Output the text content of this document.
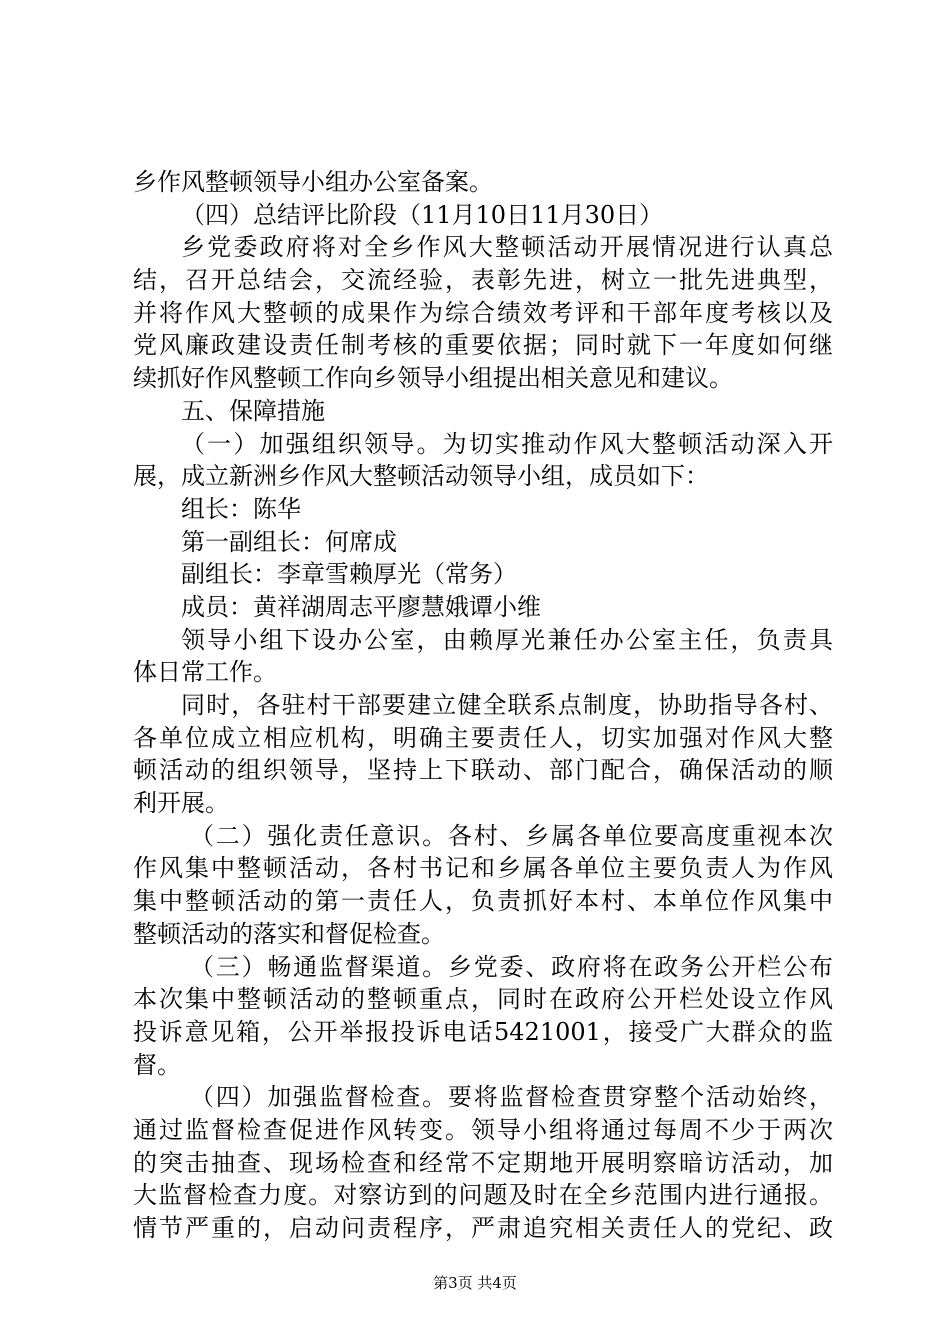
乡作风整顿领导小组办公室备案。
（四）总结评比阶段（11月10日11月30日）
乡党委政府将对全乡作风大整顿活动开展情况进行认真总
结，召开总结会，交流经验，表彰先进，树立一批先进典型，
并将作风大整顿的成果作为综合绩效考评和干部年度考核以及
党风廉政建设责任制考核的重要依据；同时就下一年度如何继
续抓好作风整顿工作向乡领导小组提出相关意见和建议。
五、保障措施
（一）加强组织领导。为切实推动作风大整顿活动深入开
展，成立新洲乡作风大整顿活动领导小组，成员如下：
组长：陈华
第一副组长：何席成
副组长：李章雪赖厚光（常务）
成员：黄祥湖周志平廖慧娥谭小维
领导小组下设办公室，由赖厚光兼任办公室主任，负责具
体日常工作。
同时，各驻村干部要建立健全联系点制度，协助指导各村、
各单位成立相应机构，明确主要责任人，切实加强对作风大整
顿活动的组织领导，坚持上下联动、部门配合，确保活动的顺
利开展。
（二）强化责任意识。各村、乡属各单位要高度重视本次
作风集中整顿活动，各村书记和乡属各单位主要负责人为作风
集中整顿活动的第一责任人，负责抓好本村、本单位作风集中
整顿活动的落实和督促检查。
（三）畅通监督渠道。乡党委、政府将在政务公开栏公布
本次集中整顿活动的整顿重点，同时在政府公开栏处设立作风
投诉意见箱，公开举报投诉电话5421001，接受广大群众的监
督。
（四）加强监督检查。要将监督检查贯穿整个活动始终，
通过监督检查促进作风转变。领导小组将通过每周不少于两次
的突击抽查、现场检查和经常不定期地开展明察暗访活动，加
大监督检查力度。对察访到的问题及时在全乡范围内进行通报。
情节严重的，启动问责程序，严肃追究相关责任人的党纪、政
第3页 共4页
